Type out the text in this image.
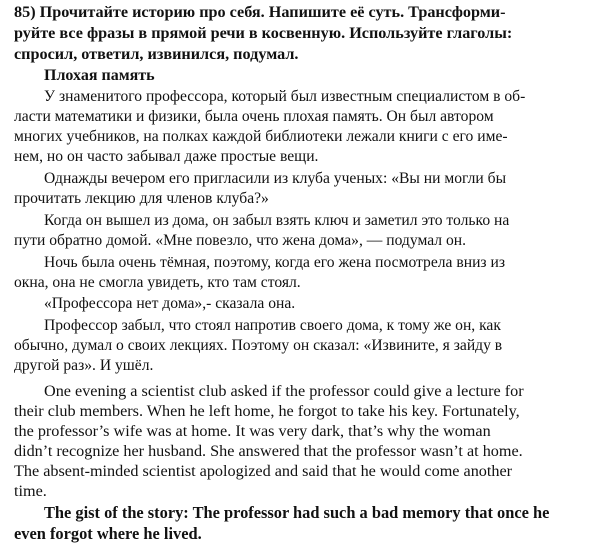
85) Прочитайте историю про себя. Напишите её суть. Трансформи-
руйте все фразы в прямой речи в косвенную. Используйте глаголы:
спросил, ответил, извинился, подумал.
Плохая память
У знаменитого профессора, который был известным специалистом в об-
ласти математики и физики, была очень плохая память. Он был автором
многих учебников, на полках каждой библиотеки лежали книги с его име-
нем, но он часто забывал даже простые вещи.
Однажды вечером его пригласили из клуба ученых: «Вы ни могли бы
прочитать лекцию для членов клуба?»
Когда он вышел из дома, он забыл взять ключ и заметил это только на
пути обратно домой. «Мне повезло, что жена дома», — подумал он.
Ночь была очень тёмная, поэтому, когда его жена посмотрела вниз из
окна, она не смогла увидеть, кто там стоял.
«Профессора нет дома»,- сказала она.
Профессор забыл, что стоял напротив своего дома, к тому же он, как
обычно, думал о своих лекциях. Поэтому он сказал: «Извините, я зайду в
другой раз». И ушёл.
One evening a scientist club asked if the professor could give a lecture for
their club members. When he left home, he forgot to take his key. Fortunately,
the professor’s wife was at home. It was very dark, that’s why the woman
didn’t recognize her husband. She answered that the professor wasn’t at home.
The absent-minded scientist apologized and said that he would come another
time.
The gist of the story: The professor had such a bad memory that once he
even forgot where he lived.
